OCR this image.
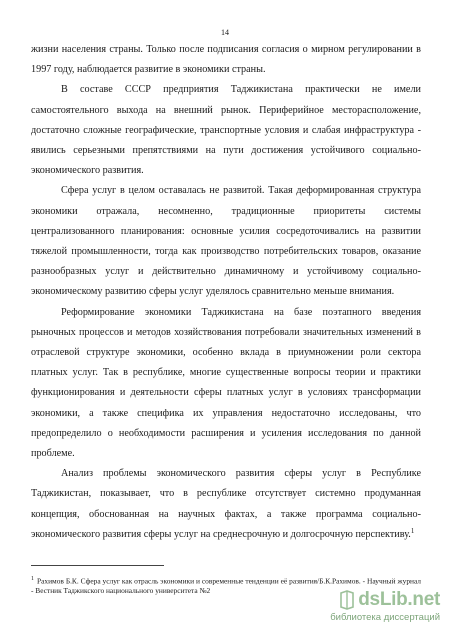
14

жизни населения страны. Только после подписания согласия о мирном регулировании в 1997 году, наблюдается развитие в экономики страны.

В составе СССР предприятия Таджикистана практически не имели самостоятельного выхода на внешний рынок. Периферийное месторасположение, достаточно сложные географические, транспортные условия и слабая инфраструктура - явились серьезными препятствиями на пути достижения устойчивого социально- экономического развития.

Сфера услуг в целом оставалась не развитой. Такая деформированная структура экономики отражала, несомненно, традиционные приоритеты системы централизованного планирования: основные усилия сосредоточивались на развитии тяжелой промышленности, тогда как производство потребительских товаров, оказание разнообразных услуг и действительно динамичному и устойчивому социально-экономическому развитию сферы услуг уделялось сравнительно меньше внимания.

Реформирование экономики Таджикистана на базе поэтапного введения рыночных процессов и методов хозяйствования потребовали значительных изменений в отраслевой структуре экономики, особенно вклада в приумножении роли сектора платных услуг. Так в республике, многие существенные вопросы теории и практики функционирования и деятельности сферы платных услуг в условиях трансформации экономики, а также специфика их управления недостаточно исследованы, что предопределило о необходимости расширения и усиления исследования по данной проблеме.

Анализ проблемы экономического развития сферы услуг в Республике Таджикистан, показывает, что в республике отсутствует системно продуманная концепция, обоснованная на научных фактах, а также программа социально-экономического развития сферы услуг на среднесрочную и долгосрочную перспективу.$^1$

$^1$ Рахимов Б.К. Сфера услуг как отрасль экономики и современные тенденции её развития/Б.К.Рахимов. - Научный журнал - Вестник Таджикского национального университета №2	dsLib.net
библиотека диссертаций
